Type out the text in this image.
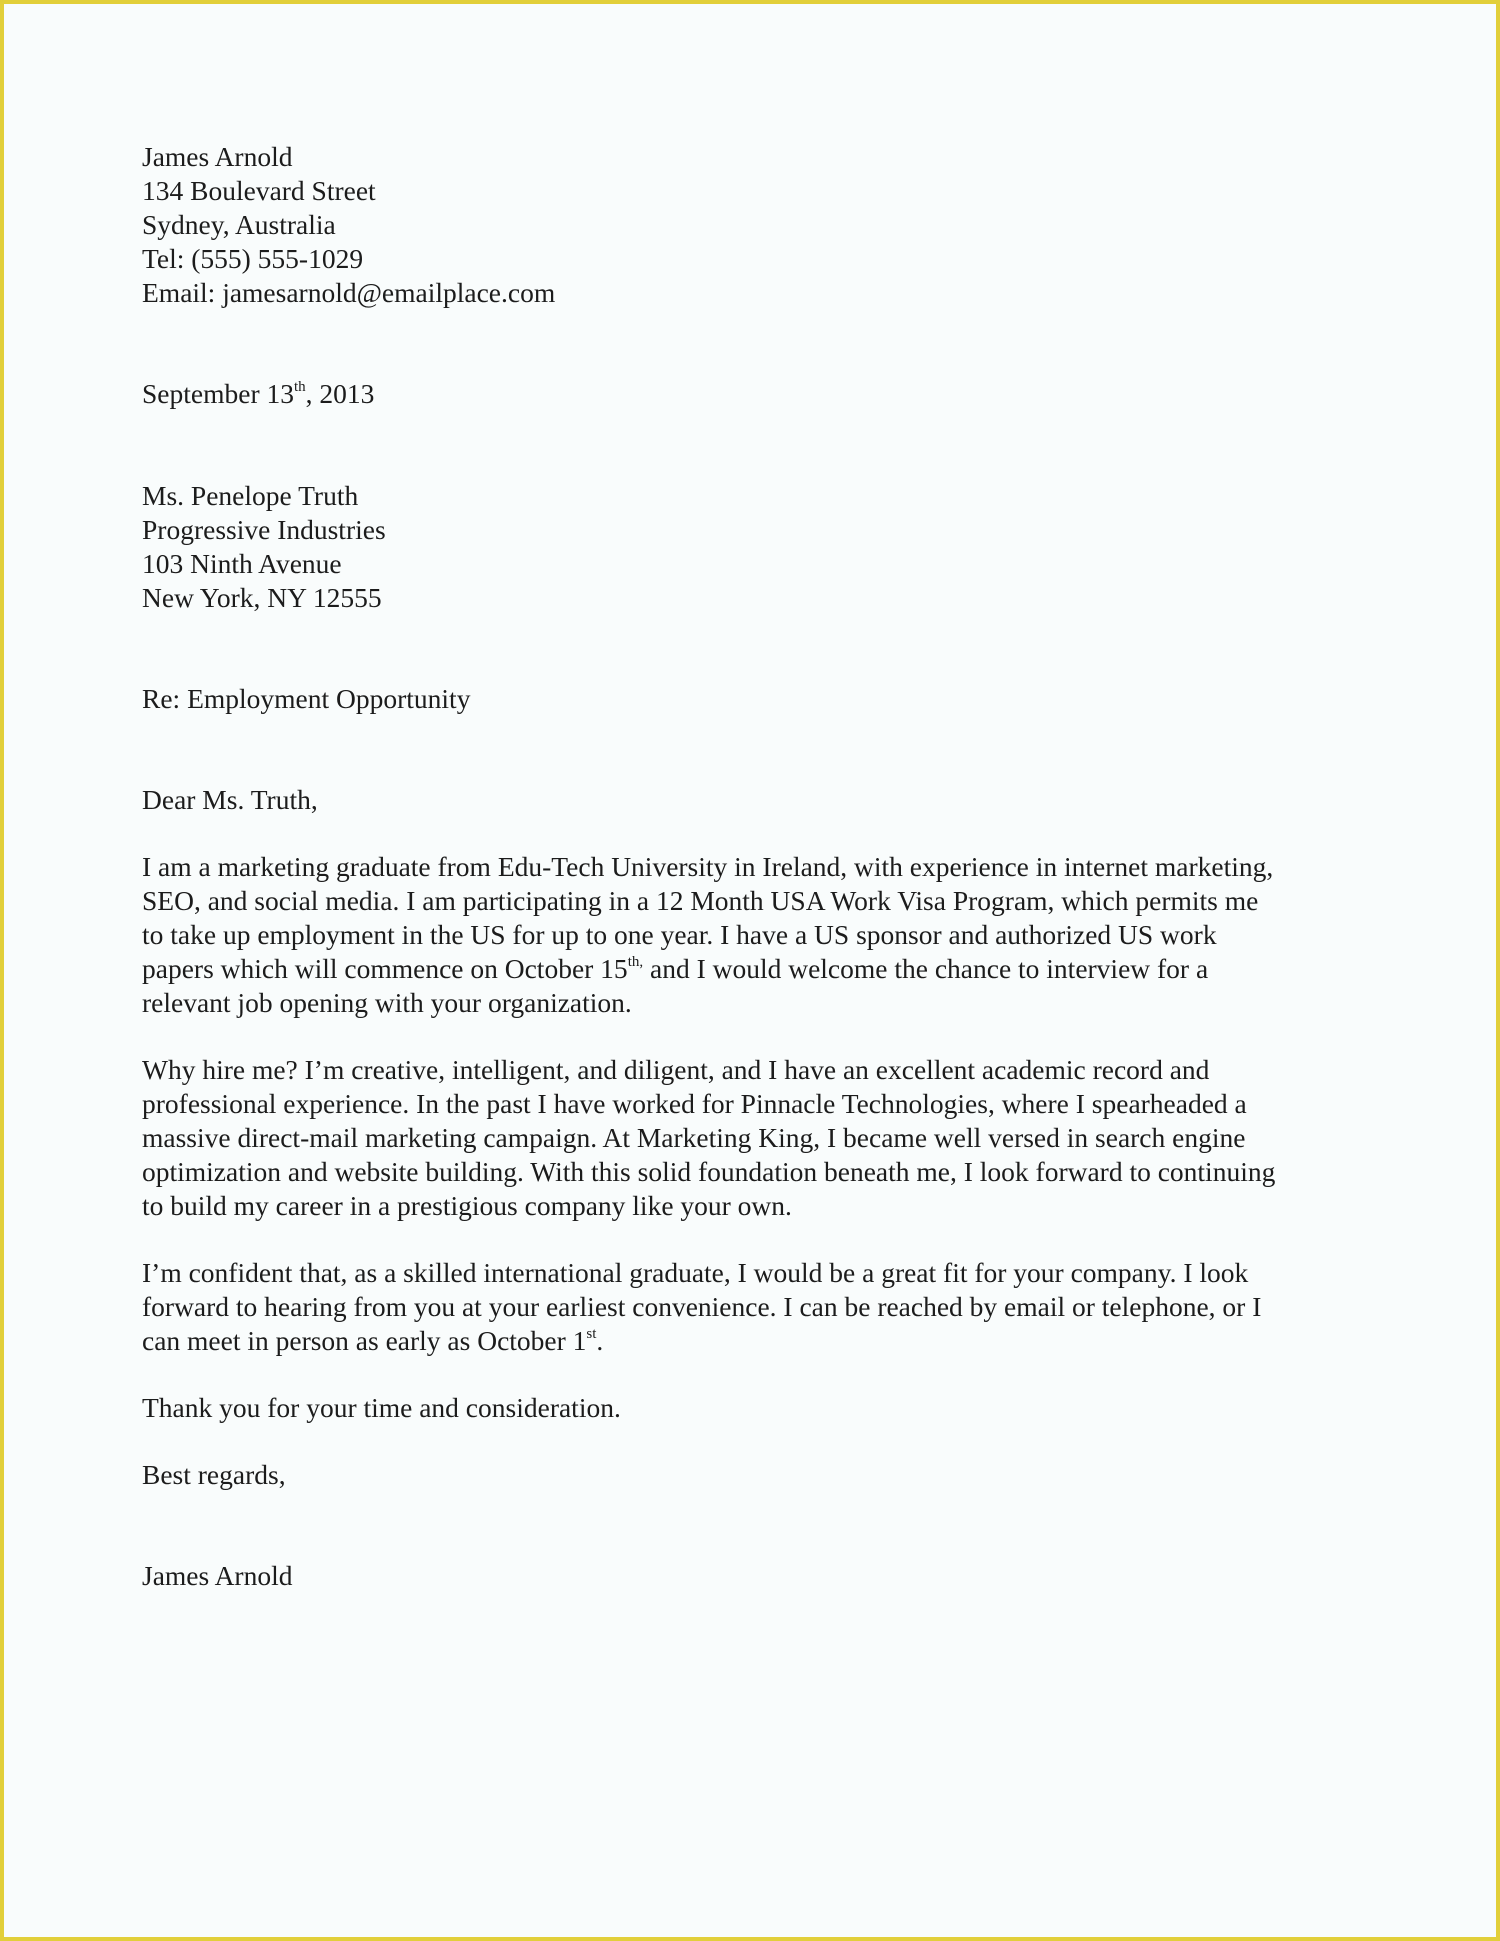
James Arnold
134 Boulevard Street
Sydney, Australia
Tel: (555) 555-1029
Email: jamesarnold@emailplace.com
September 13th, 2013
Ms. Penelope Truth
Progressive Industries
103 Ninth Avenue
New York, NY 12555
Re: Employment Opportunity
Dear Ms. Truth,
I am a marketing graduate from Edu-Tech University in Ireland, with experience in internet marketing,
SEO, and social media. I am participating in a 12 Month USA Work Visa Program, which permits me
to take up employment in the US for up to one year. I have a US sponsor and authorized US work
papers which will commence on October $15^{th,}$ and I would welcome the chance to interview for a
relevant job opening with your organization.
Why hire me? I’m creative, intelligent, and diligent, and I have an excellent academic record and
professional experience. In the past I have worked for Pinnacle Technologies, where I spearheaded a
massive direct-mail marketing campaign. At Marketing King, I became well versed in search engine
optimization and website building. With this solid foundation beneath me, I look forward to continuing
to build my career in a prestigious company like your own.
I’m confident that, as a skilled international graduate, I would be a great fit for your company. I look
forward to hearing from you at your earliest convenience. I can be reached by email or telephone, or I
can meet in person as early as October 1st.
Thank you for your time and consideration.
Best regards,
James Arnold
